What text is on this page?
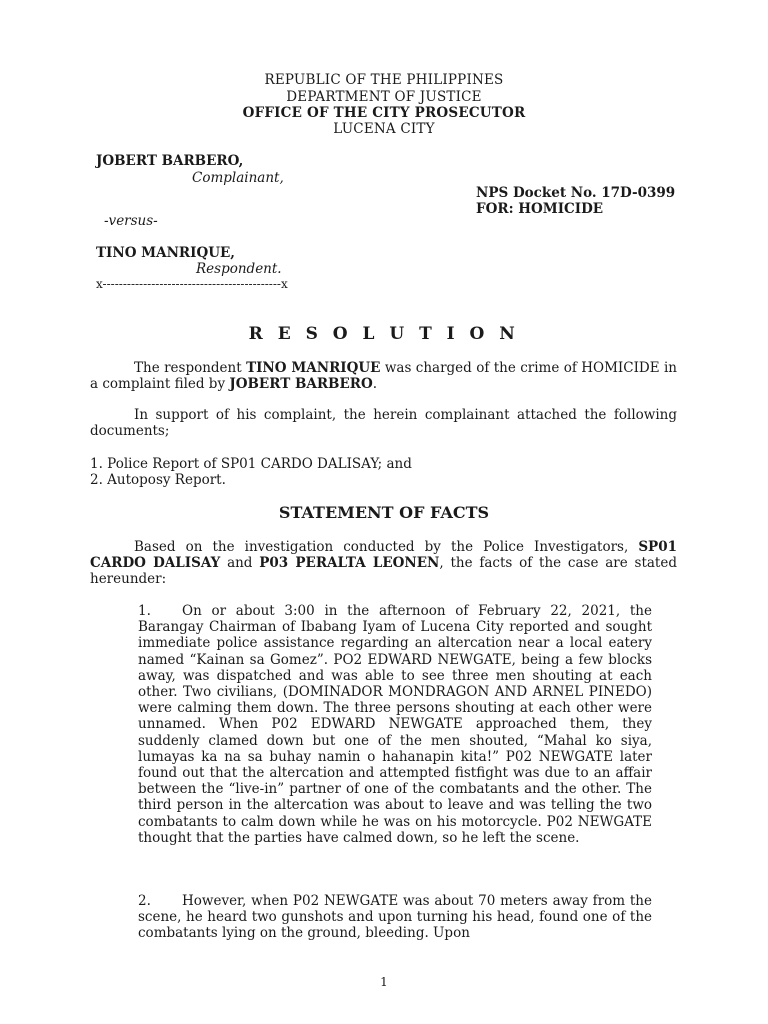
REPUBLIC OF THE PHILIPPINES
DEPARTMENT OF JUSTICE
OFFICE OF THE CITY PROSECUTOR
LUCENA CITY
JOBERT BARBERO,
Complainant,
NPS Docket No. 17D-0399
FOR: HOMICIDE
-versus-
TINO MANRIQUE,
Respondent.
x--------------------------------------------x
R E S O L U T I O N
The respondent TINO MANRIQUE was charged of the crime of HOMICIDE in a complaint filed by JOBERT BARBERO.
In support of his complaint, the herein complainant attached the following documents;
1. Police Report of SP01 CARDO DALISAY; and
2. Autoposy Report.
STATEMENT OF FACTS
Based on the investigation conducted by the Police Investigators, SP01 CARDO DALISAY and P03 PERALTA LEONEN, the facts of the case are stated hereunder:
1. On or about 3:00 in the afternoon of February 22, 2021, the Barangay Chairman of Ibabang Iyam of Lucena City reported and sought immediate police assistance regarding an altercation near a local eatery named “Kainan sa Gomez”. PO2 EDWARD NEWGATE, being a few blocks away, was dispatched and was able to see three men shouting at each other. Two civilians, (DOMINADOR MONDRAGON AND ARNEL PINEDO) were calming them down. The three persons shouting at each other were unnamed. When P02 EDWARD NEWGATE approached them, they suddenly clamed down but one of the men shouted, “Mahal ko siya, lumayas ka na sa buhay namin o hahanapin kita!” P02 NEWGATE later found out that the altercation and attempted fistfight was due to an affair between the “live-in” partner of one of the combatants and the other. The third person in the altercation was about to leave and was telling the two combatants to calm down while he was on his motorcycle. P02 NEWGATE thought that the parties have calmed down, so he left the scene.
2. However, when P02 NEWGATE was about 70 meters away from the scene, he heard two gunshots and upon turning his head, found one of the combatants lying on the ground, bleeding. Upon
1
